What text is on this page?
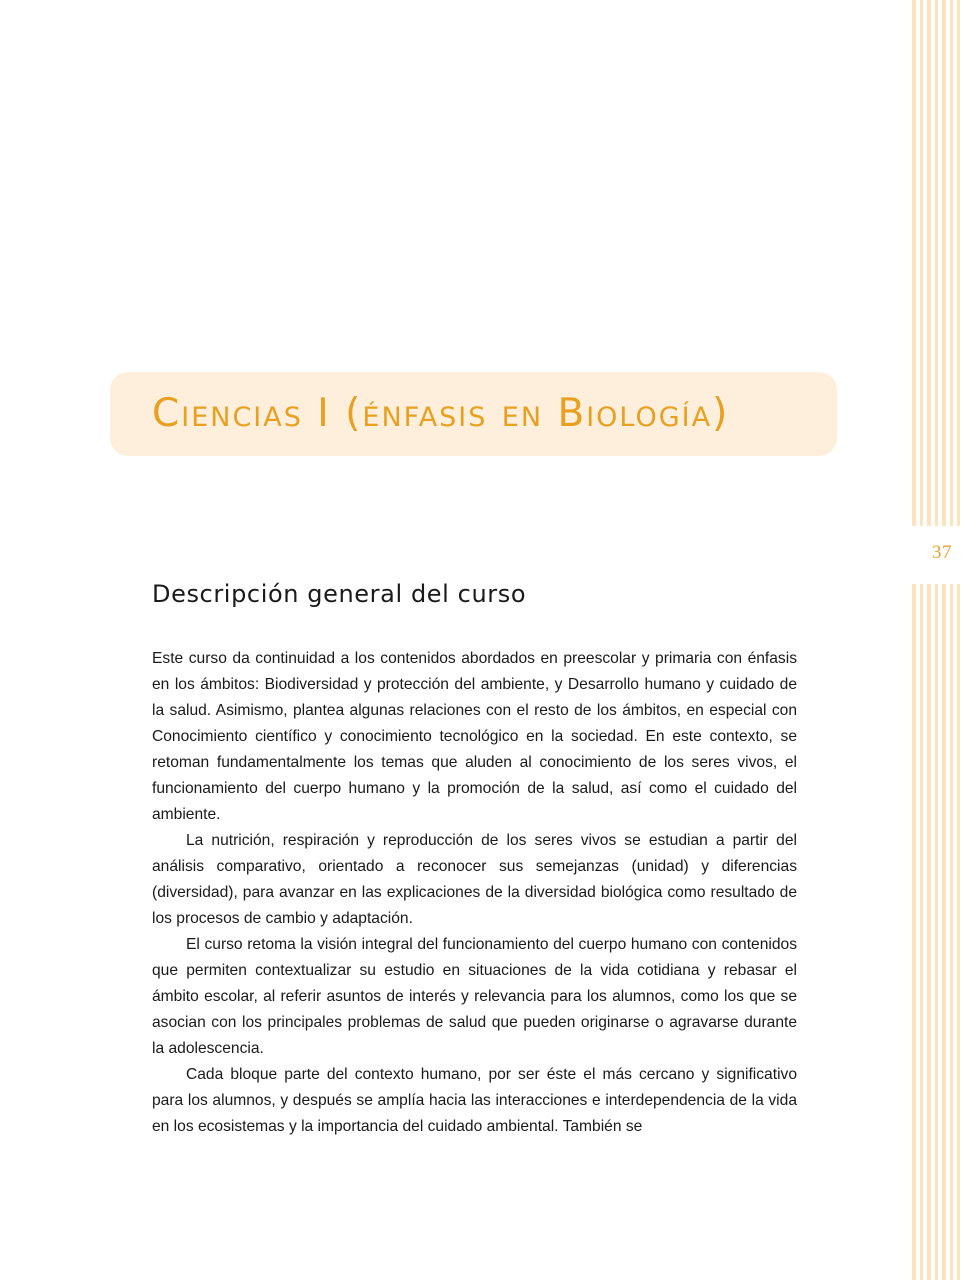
37
Ciencias I (énfasis en Biología)
Descripción general del curso

Este curso da continuidad a los contenidos abordados en preescolar y primaria con énfasis en los ámbitos: Biodiversidad y protección del ambiente, y Desarrollo humano y cuidado de la salud. Asimismo, plantea algunas relaciones con el resto de los ámbitos, en especial con Conocimiento científico y conocimiento tecnológico en la sociedad. En este contexto, se retoman fundamentalmente los temas que aluden al conocimiento de los seres vivos, el funcionamiento del cuerpo humano y la promoción de la salud, así como el cuidado del ambiente.

La nutrición, respiración y reproducción de los seres vivos se estudian a partir del análisis comparativo, orientado a reconocer sus semejanzas (unidad) y diferencias (diversidad), para avanzar en las explicaciones de la diversidad biológica como resultado de los procesos de cambio y adaptación.

El curso retoma la visión integral del funcionamiento del cuerpo humano con contenidos que permiten contextualizar su estudio en situaciones de la vida cotidiana y rebasar el ámbito escolar, al referir asuntos de interés y relevancia para los alumnos, como los que se asocian con los principales problemas de salud que pueden originarse o agravarse durante la adolescencia.

Cada bloque parte del contexto humano, por ser éste el más cercano y significativo para los alumnos, y después se amplía hacia las interacciones e interdependencia de la vida en los ecosistemas y la importancia del cuidado ambiental. También se
